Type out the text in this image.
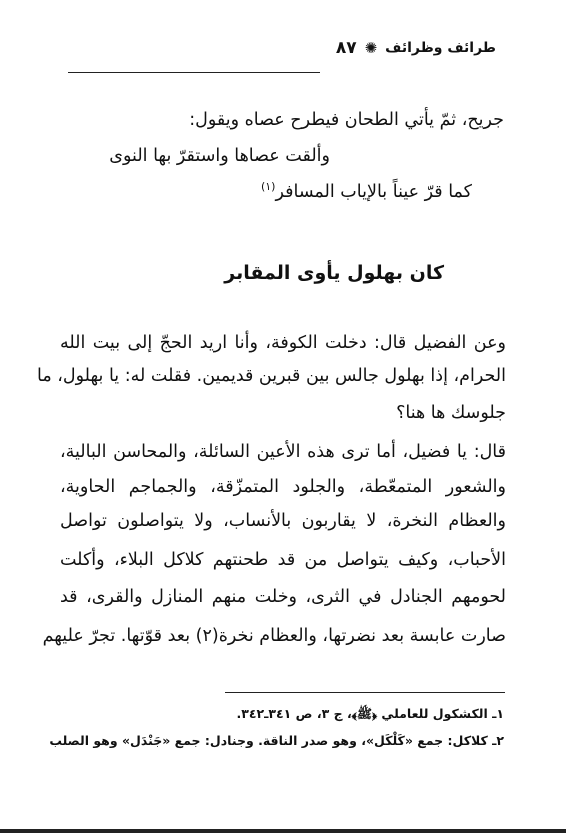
طرائف وظرائف
✺
٨٧
جريح، ثمّ يأتي الطحان فيطرح عصاه ويقول:
وألقت عصاها واستقرّ بها النوى
كما قرّ عيناً بالإياب المسافر$^{(١)}$
كان بهلول يأوى المقابر
وعن الفضيل قال: دخلت الكوفة، وأنا اريد الحجّ إلى بيت الله
الحرام، إذا بهلول جالس بين قبرين قديمين. فقلت له: يا بهلول، ما
جلوسك ها هنا؟
قال: يا فضيل، أما ترى هذه الأعين السائلة، والمحاسن البالية،
والشعور المتمعّطة، والجلود المتمزّقة، والجماجم الحاوية،
والعظام النخرة، لا يقاربون بالأنساب، ولا يتواصلون تواصل
الأحباب، وكيف يتواصل من قد طحنتهم كلاكل البلاء، وأكلت
لحومهم الجنادل في الثرى، وخلت منهم المنازل والقرى، قد
صارت عابسة بعد نضرتها، والعظام نخرة(٢) بعد قوّتها. تجرّ عليهم
١ـ الكشكول للعاملي ﴿ﷺ﴾، ج ٣، ص ٣٤١ـ٣٤٢.
٢ـ كلاكل: جمع «كَلْكَل»، وهو صدر الناقة. وجنادل: جمع «جَنْدَل» وهو الصلب
